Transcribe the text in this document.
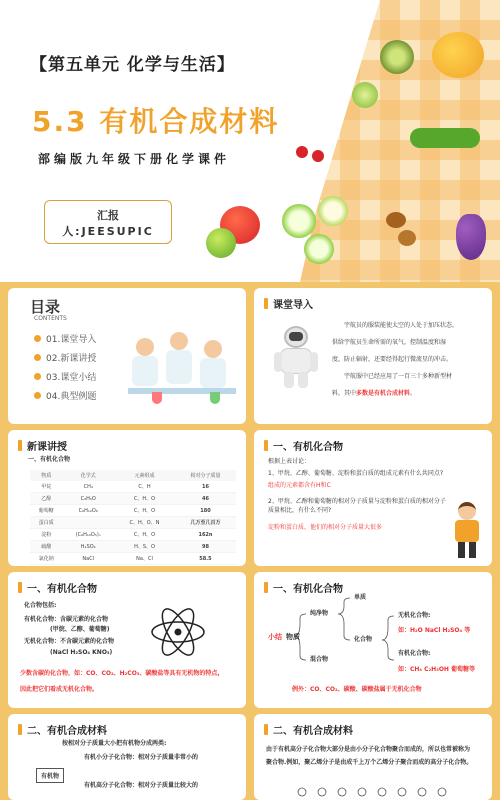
【第五单元 化学与生活】
5.3 有机合成材料
部编版九年级下册化学课件
汇报
人:JEESUPIC
目录
CONTENTS
01.课堂导入
02.新课讲授
03.课堂小结
04.典型例题
课堂导入
宇航员的服装能使太空的人处于加压状态，
供给宇航员生命所需的氧气，控制温度和湿
度，防止辐射，还要经得起行微流星的冲击。
宇航服中已经应用了一百三十多种新型材
料，其中多数是有机合成材料。
新课讲授
一、有机化合物
物质	化学式	元素组成	相对分子质量
甲烷	CH₄	C、H	16
乙醇	C₂H₅O	C、H、O	46
葡萄糖	C₆H₁₂O₆	C、H、O	180
蛋白质		C、H、O、N	几万至几百万
淀粉	(C₆H₁₀O₅)ₙ	C、H、O	162n
硫酸	H₂SO₄	H、S、O	98
氯化钠	NaCl	Na、Cl	58.5
一、有机化合物
根据上表讨论：
1、甲烷、乙醇、葡萄糖、淀粉和蛋白质的组成元素有什么共同点?
组成的元素都含有H和C
2、甲烷、乙醇和葡萄糖的相对分子质量与淀粉和蛋白质的相对分子质量相比，有什么不同?
淀粉和蛋白质，他们的相对分子质量大很多
一、有机化合物
化合物包括:
有机化合物：含碳元素的化合物
(甲烷、乙醇、葡萄糖)
无机化合物：不含碳元素的化合物
(NaCl H₂SO₄ KNO₃)
少数含碳的化合物，如：CO、CO₂、H₂CO₃、碳酸盐等具有无机物的特点,
因此把它们看成无机化合物。
一、有机化合物
小结 物质
纯净物
混合物
单质
化合物
无机化合物:
如：H₂O NaCl H₂SO₄ 等
有机化合物:
如：CH₄ C₂H₅OH 葡萄糖等
例外：CO、CO₂、碳酸、碳酸盐属于无机化合物
二、有机合成材料
按相对分子质量大小把有机物分成两类:
有机小分子化合物：相对分子质量非常小的
有机物
有机高分子化合物：相对分子质量比较大的
二、有机合成材料
由于有机高分子化合物大部分是由小分子化合物聚合而成的，所以也常被称为
聚合物.例如，聚乙烯分子是由成千上万个乙烯分子聚合而成的高分子化合物。
